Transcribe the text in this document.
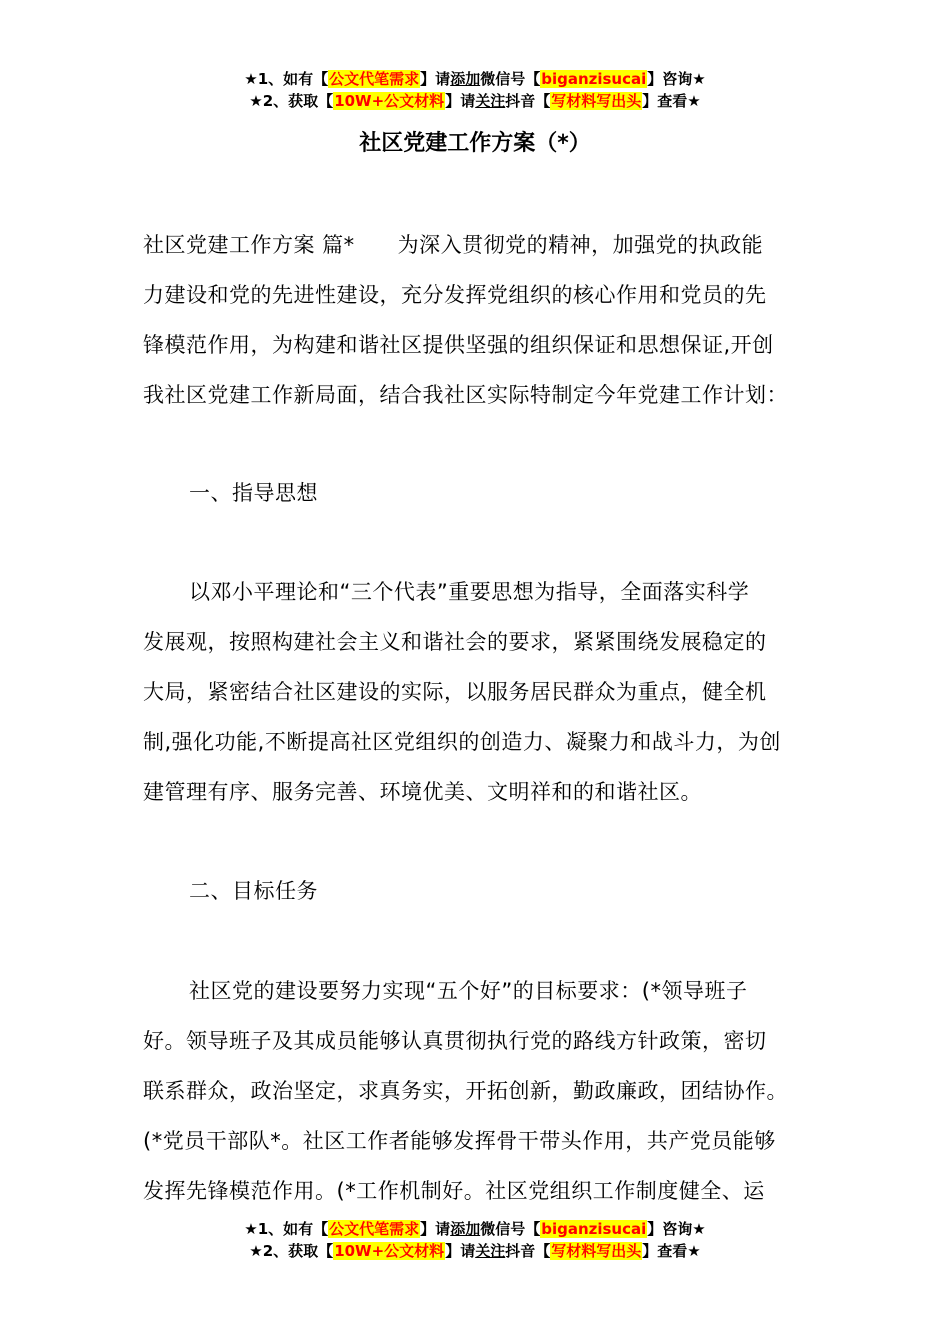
★1、如有【公文代笔需求】请添加微信号【biganzisucai】咨询★
★2、获取【10W+公文材料】请关注抖音【写材料写出头】查看★
社区党建工作方案（*）
社区党建工作方案 篇*　　为深入贯彻党的精神，加强党的执政能
力建设和党的先进性建设，充分发挥党组织的核心作用和党员的先
锋模范作用，为构建和谐社区提供坚强的组织保证和思想保证,开创
我社区党建工作新局面，结合我社区实际特制定今年党建工作计划：
一、指导思想
以邓小平理论和“三个代表”重要思想为指导，全面落实科学
发展观，按照构建社会主义和谐社会的要求，紧紧围绕发展稳定的
大局，紧密结合社区建设的实际，以服务居民群众为重点，健全机
制,强化功能,不断提高社区党组织的创造力、凝聚力和战斗力，为创
建管理有序、服务完善、环境优美、文明祥和的和谐社区。
二、目标任务
社区党的建设要努力实现“五个好”的目标要求：(*领导班子
好。领导班子及其成员能够认真贯彻执行党的路线方针政策，密切
联系群众，政治坚定，求真务实，开拓创新，勤政廉政，团结协作。
(*党员干部队*。社区工作者能够发挥骨干带头作用，共产党员能够
发挥先锋模范作用。(*工作机制好。社区党组织工作制度健全、运
★1、如有【公文代笔需求】请添加微信号【biganzisucai】咨询★
★2、获取【10W+公文材料】请关注抖音【写材料写出头】查看★
